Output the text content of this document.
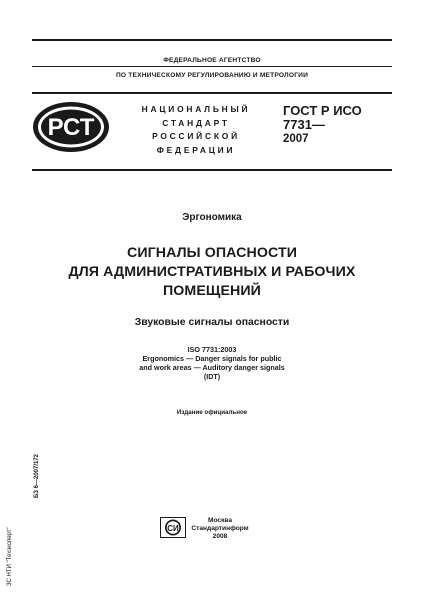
ФЕДЕРАЛЬНОЕ АГЕНТСТВО
ПО ТЕХНИЧЕСКОМУ РЕГУЛИРОВАНИЮ И МЕТРОЛОГИИ
РСТ
НАЦИОНАЛЬНЫЙ
СТАНДАРТ
РОССИЙСКОЙ
ФЕДЕРАЦИИ
ГОСТ Р ИСО
7731—
2007
Эргономика
СИГНАЛЫ ОПАСНОСТИ
ДЛЯ АДМИНИСТРАТИВНЫХ И РАБОЧИХ
ПОМЕЩЕНИЙ
Звуковые сигналы опасности
ISO 7731:2003
Ergonomics — Danger signals for public
and work areas — Auditory danger signals
(IDT)
Издание официальное
БЗ 6—2007/172
ЗС НТИ "Техэксперт"	СИ
Москва
Стандартинформ
2008
